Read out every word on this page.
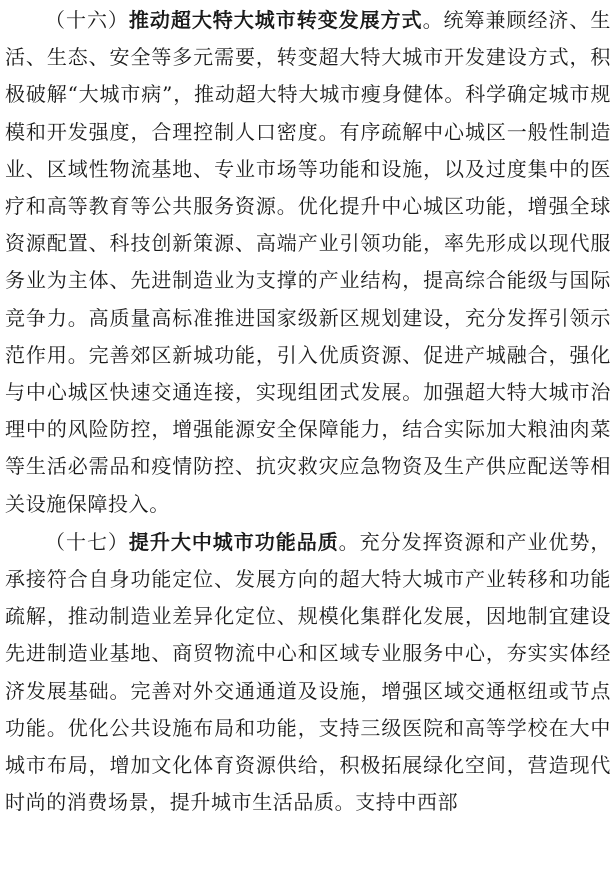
（十六）推动超大特大城市转变发展方式。统筹兼顾经济、生活、生态、安全等多元需要，转变超大特大城市开发建设方式，积极破解“大城市病”，推动超大特大城市瘦身健体。科学确定城市规模和开发强度，合理控制人口密度。有序疏解中心城区一般性制造业、区域性物流基地、专业市场等功能和设施，以及过度集中的医疗和高等教育等公共服务资源。优化提升中心城区功能，增强全球资源配置、科技创新策源、高端产业引领功能，率先形成以现代服务业为主体、先进制造业为支撑的产业结构，提高综合能级与国际竞争力。高质量高标准推进国家级新区规划建设，充分发挥引领示范作用。完善郊区新城功能，引入优质资源、促进产城融合，强化与中心城区快速交通连接，实现组团式发展。加强超大特大城市治理中的风险防控，增强能源安全保障能力，结合实际加大粮油肉菜等生活必需品和疫情防控、抗灾救灾应急物资及生产供应配送等相关设施保障投入。

（十七）提升大中城市功能品质。充分发挥资源和产业优势，承接符合自身功能定位、发展方向的超大特大城市产业转移和功能疏解，推动制造业差异化定位、规模化集群化发展，因地制宜建设先进制造业基地、商贸物流中心和区域专业服务中心，夯实实体经济发展基础。完善对外交通通道及设施，增强区域交通枢纽或节点功能。优化公共设施布局和功能，支持三级医院和高等学校在大中城市布局，增加文化体育资源供给，积极拓展绿化空间，营造现代时尚的消费场景，提升城市生活品质。支持中西部
